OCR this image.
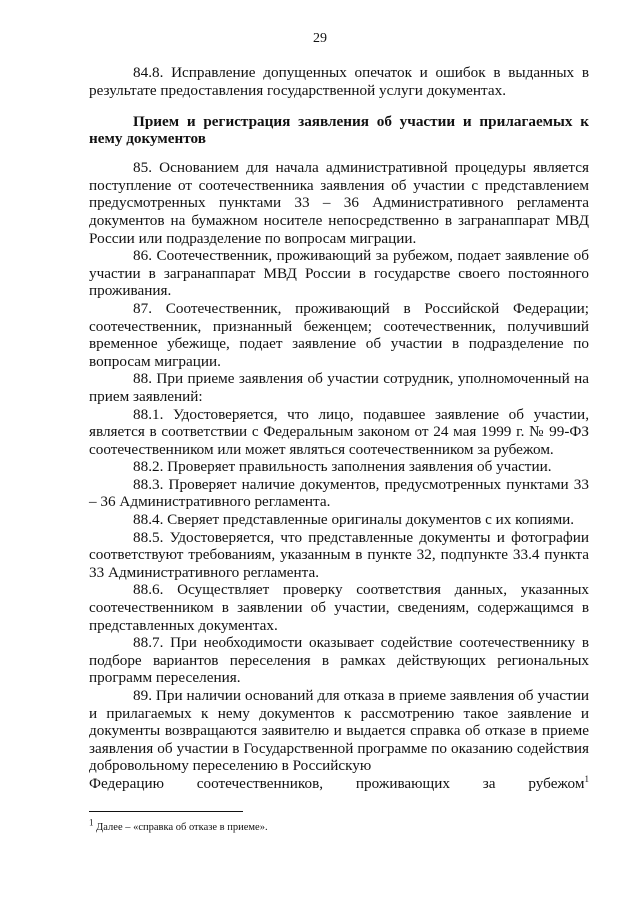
29

84.8. Исправление допущенных опечаток и ошибок в выданных в результате предоставления государственной услуги документах.

Прием и регистрация заявления об участии и прилагаемых к нему документов

85. Основанием для начала административной процедуры является поступление от соотечественника заявления об участии с представлением предусмотренных пунктами 33 – 36 Административного регламента документов на бумажном носителе непосредственно в загранаппарат МВД России или подразделение по вопросам миграции.

86. Соотечественник, проживающий за рубежом, подает заявление об участии в загранаппарат МВД России в государстве своего постоянного проживания.

87. Соотечественник, проживающий в Российской Федерации; соотечественник, признанный беженцем; соотечественник, получивший временное убежище, подает заявление об участии в подразделение по вопросам миграции.

88. При приеме заявления об участии сотрудник, уполномоченный на прием заявлений:

88.1. Удостоверяется, что лицо, подавшее заявление об участии, является в соответствии с Федеральным законом от 24 мая 1999 г. № 99-ФЗ соотечественником или может являться соотечественником за рубежом.

88.2. Проверяет правильность заполнения заявления об участии.

88.3. Проверяет наличие документов, предусмотренных пунктами 33 – 36 Административного регламента.

88.4. Сверяет представленные оригиналы документов с их копиями.

88.5. Удостоверяется, что представленные документы и фотографии соответствуют требованиям, указанным в пункте 32, подпункте 33.4 пункта 33 Административного регламента.

88.6. Осуществляет проверку соответствия данных, указанных соотечественником в заявлении об участии, сведениям, содержащимся в представленных документах.

88.7. При необходимости оказывает содействие соотечественнику в подборе вариантов переселения в рамках действующих региональных программ переселения.

89. При наличии оснований для отказа в приеме заявления об участии и прилагаемых к нему документов к рассмотрению такое заявление и документы возвращаются заявителю и выдается справка об отказе в приеме заявления об участии в Государственной программе по оказанию содействия добровольному переселению в Российскую

Федерацию соотечественников, проживающих за рубежом$^1$
$^1$ Далее – «справка об отказе в приеме».
